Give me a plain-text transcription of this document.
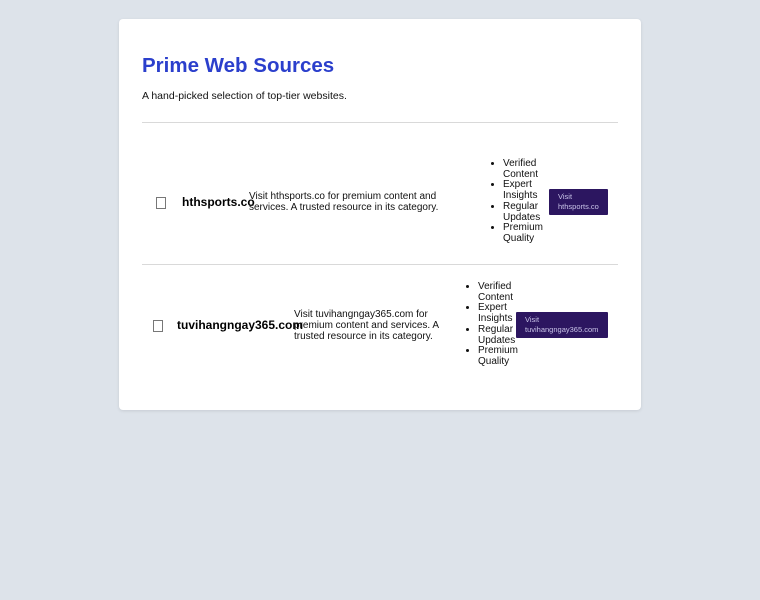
Prime Web Sources

A hand-picked selection of top-tier websites.

hthsports.co

Visit hthsports.co for premium content and services. A trusted resource in its category.

• Verified Content
• Expert Insights
• Regular Updates
• Premium Quality
Visit hthsports.co
tuvihangngay365.com

Visit tuvihangngay365.com for premium content and services. A trusted resource in its category.

• Verified Content
• Expert Insights
• Regular Updates
• Premium Quality
Visit tuvihangngay365.com
